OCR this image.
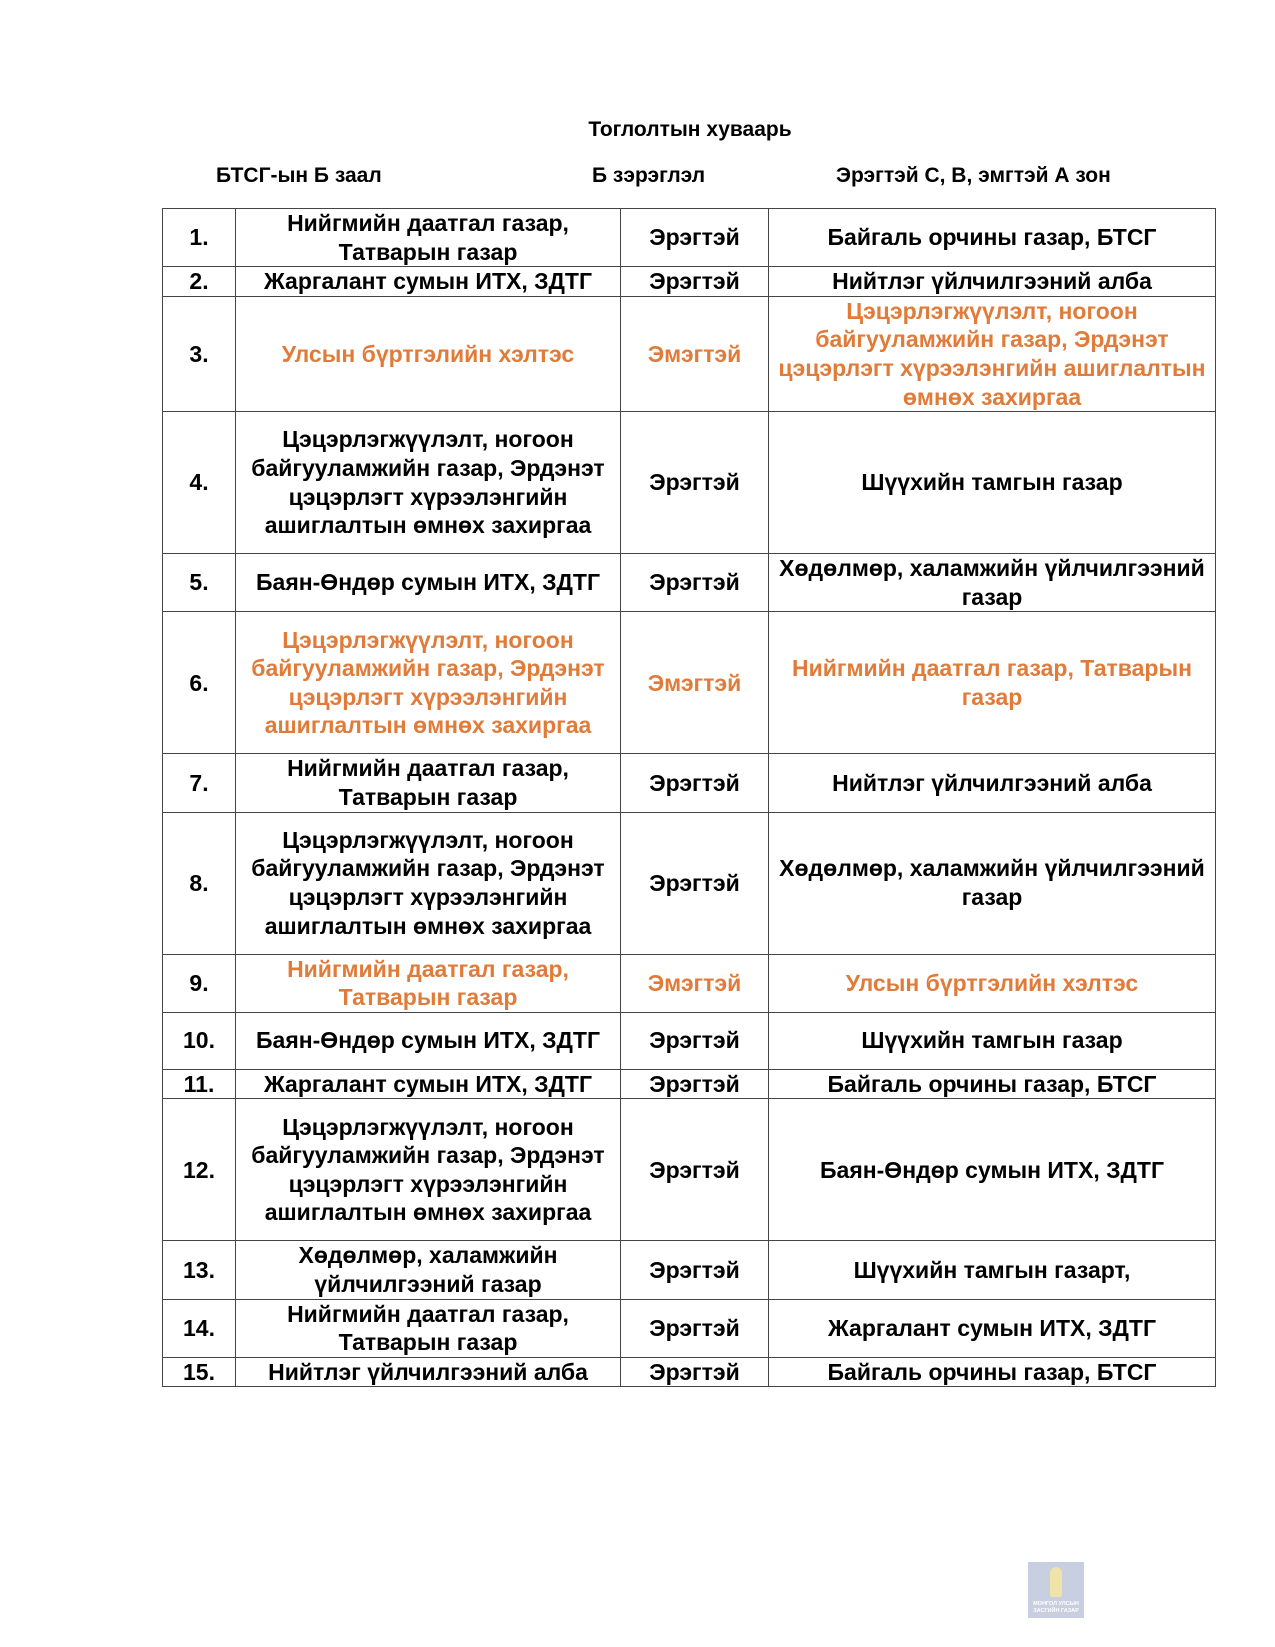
Тоглолтын хуваарь
БТСГ-ын Б заал	Б зэрэглэл	Эрэгтэй С, В, эмгтэй А зон
1.	Нийгмийн даатгал газар, Татварын газар	Эрэгтэй	Байгаль орчины газар, БТСГ
2.	Жаргалант сумын ИТХ, ЗДТГ	Эрэгтэй	Нийтлэг үйлчилгээний алба
3.	Улсын бүртгэлийн хэлтэс	Эмэгтэй	Цэцэрлэгжүүлэлт, ногоон байгууламжийн газар, Эрдэнэт цэцэрлэгт хүрээлэнгийн ашиглалтын өмнөх захиргаа
4.	Цэцэрлэгжүүлэлт, ногоон байгууламжийн газар, Эрдэнэт цэцэрлэгт хүрээлэнгийн ашиглалтын өмнөх захиргаа	Эрэгтэй	Шүүхийн тамгын газар
5.	Баян-Өндөр сумын ИТХ, ЗДТГ	Эрэгтэй	Хөдөлмөр, халамжийн үйлчилгээний газар
6.	Цэцэрлэгжүүлэлт, ногоон байгууламжийн газар, Эрдэнэт цэцэрлэгт хүрээлэнгийн ашиглалтын өмнөх захиргаа	Эмэгтэй	Нийгмийн даатгал газар, Татварын газар
7.	Нийгмийн даатгал газар, Татварын газар	Эрэгтэй	Нийтлэг үйлчилгээний алба
8.	Цэцэрлэгжүүлэлт, ногоон байгууламжийн газар, Эрдэнэт цэцэрлэгт хүрээлэнгийн ашиглалтын өмнөх захиргаа	Эрэгтэй	Хөдөлмөр, халамжийн үйлчилгээний газар
9.	Нийгмийн даатгал газар, Татварын газар	Эмэгтэй	Улсын бүртгэлийн хэлтэс
10.	Баян-Өндөр сумын ИТХ, ЗДТГ	Эрэгтэй	Шүүхийн тамгын газар
11.	Жаргалант сумын ИТХ, ЗДТГ	Эрэгтэй	Байгаль орчины газар, БТСГ
12.	Цэцэрлэгжүүлэлт, ногоон байгууламжийн газар, Эрдэнэт цэцэрлэгт хүрээлэнгийн ашиглалтын өмнөх захиргаа	Эрэгтэй	Баян-Өндөр сумын ИТХ, ЗДТГ
13.	Хөдөлмөр, халамжийн үйлчилгээний газар	Эрэгтэй	Шүүхийн тамгын газарт,
14.	Нийгмийн даатгал газар, Татварын газар	Эрэгтэй	Жаргалант сумын ИТХ, ЗДТГ
15.	Нийтлэг үйлчилгээний алба	Эрэгтэй	Байгаль орчины газар, БТСГ
МОНГОЛ УЛСЫН
ЗАСГИЙН ГАЗАР
